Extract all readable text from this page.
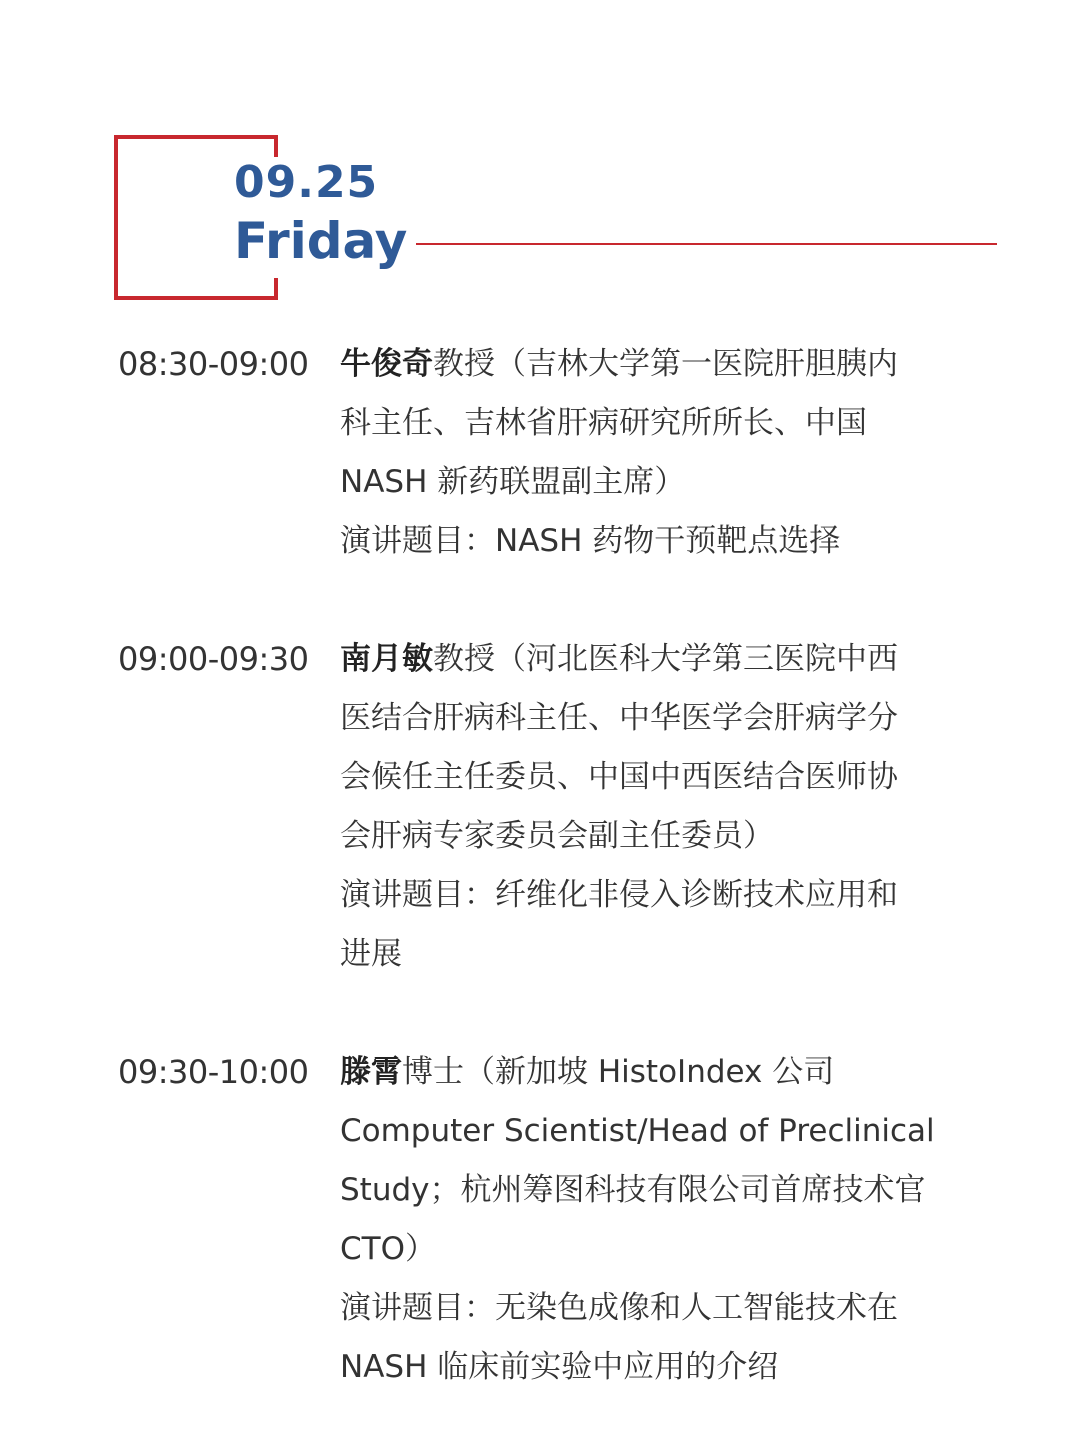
09.25
Friday
08:30-09:00 牛俊奇教授（吉林大学第一医院肝胆胰内
科主任、吉林省肝病研究所所长、中国
NASH 新药联盟副主席）
演讲题目：NASH 药物干预靶点选择
09:00-09:30 南月敏教授（河北医科大学第三医院中西
医结合肝病科主任、中华医学会肝病学分
会候任主任委员、中国中西医结合医师协
会肝病专家委员会副主任委员）
演讲题目：纤维化非侵入诊断技术应用和
进展
09:30-10:00 滕霄博士（新加坡 HistoIndex 公司
Computer Scientist/Head of Preclinical
Study；杭州筹图科技有限公司首席技术官
CTO）
演讲题目：无染色成像和人工智能技术在
NASH 临床前实验中应用的介绍
